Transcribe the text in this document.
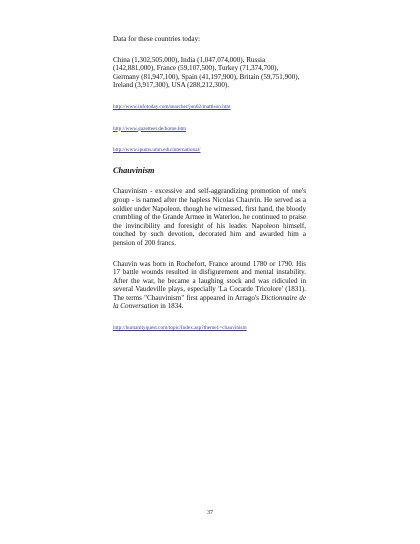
Data for these countries today:

China (1,302,505,000), India (1,047,074,000), Russia (142,881,000), France (59,107,500), Turkey (71,374,700), Germany (81,947,100), Spain (41,197,900), Britain (59,751,900), Ireland (3,917,300), USA (288,212,300).

http://www.infotoday.com/searcher/jun02/mattison.htm

http://www.gazetteer.de/home.htm

http://www.ipums.umn.edu/international/

Chauvinism

Chauvinism - excessive and self-aggrandizing promotion of one's group - is named after the hapless Nicolas Chauvin. He served as a soldier under Napoleon. though he witnessed, first hand, the bloody crumbling of the Grande Armee in Waterloo, he continued to praise the invincibility and foresight of his leader. Napoleon himself, touched by such devotion, decorated him and awarded him a pension of 200 francs.

Chauvin was born in Rochefort, France around 1780 or 1790. His 17 battle wounds resulted in disfigurement and mental instability. After the war, he became a laughing stock and was ridiculed in several Vaudeville plays, especially 'La Cocarde Tricolore' (1831). The terms "Chauvinism" first appeared in Arrago's Dictionnaire de la Conversation in 1834.

http://humanityquest.com/topic/Index.asp?theme1=chauvinism

37
